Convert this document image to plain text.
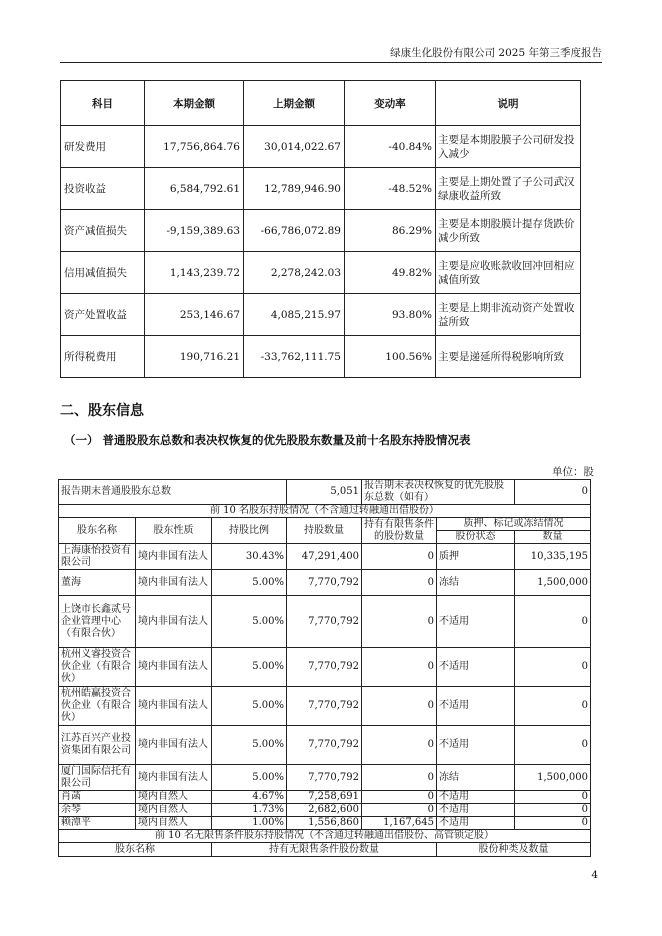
绿康生化股份有限公司 2025 年第三季度报告
科目	本期金额	上期金额	变动率	说明
研发费用	17,756,864.76	30,014,022.67	-40.84%	主要是本期股膜子公司研发投入减少
投资收益	6,584,792.61	12,789,946.90	-48.52%	主要是上期处置了子公司武汉绿康收益所致
资产减值损失	-9,159,389.63	-66,786,072.89	86.29%	主要是本期股膜计提存货跌价减少所致
信用减值损失	1,143,239.72	2,278,242.03	49.82%	主要是应收账款收回冲回相应减值所致
资产处置收益	253,146.67	4,085,215.97	93.80%	主要是上期非流动资产处置收益所致
所得税费用	190,716.21	-33,762,111.75	100.56%	主要是递延所得税影响所致
二、股东信息
（一） 普通股股东总数和表决权恢复的优先股股东数量及前十名股东持股情况表
单位：股
报告期末普通股股东总数			5,051	报告期末表决权恢复的优先股股东总数（如有）		0
前 10 名股东持股情况（不含通过转融通出借股份）						
股东名称	股东性质	持股比例	持股数量	持有有限售条件的股份数量	质押、标记或冻结情况	
					股份状态	数量
上海康怡投资有限公司	境内非国有法人	30.43%	47,291,400	0	质押	10,335,195
董海	境内非国有法人	5.00%	7,770,792	0	冻结	1,500,000
上饶市长鑫贰号企业管理中心（有限合伙）	境内非国有法人	5.00%	7,770,792	0	不适用	0
杭州义睿投资合伙企业（有限合伙）	境内非国有法人	5.00%	7,770,792	0	不适用	0
杭州皓赢投资合伙企业（有限合伙）	境内非国有法人	5.00%	7,770,792	0	不适用	0
江苏百兴产业投资集团有限公司	境内非国有法人	5.00%	7,770,792	0	不适用	0
厦门国际信托有限公司	境内非国有法人	5.00%	7,770,792	0	冻结	1,500,000
肖菡	境内自然人	4.67%	7,258,691	0	不适用	0
余琴	境内自然人	1.73%	2,682,600	0	不适用	0
赖潭平	境内自然人	1.00%	1,556,860	1,167,645	不适用	0
前 10 名无限售条件股东持股情况（不含通过转融通出借股份、高管锁定股）						
股东名称		持有无限售条件股份数量			股份种类及数量	
4
